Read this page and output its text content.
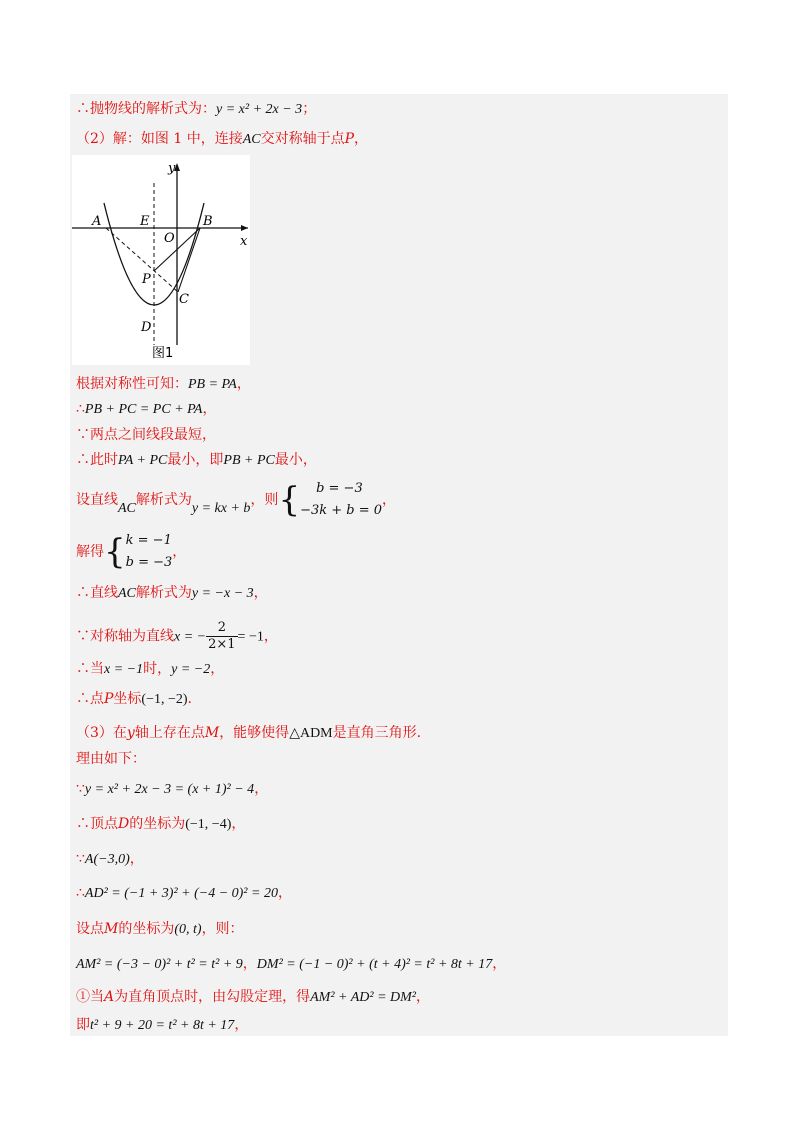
∴抛物线的解析式为：y = x² + 2x − 3；
（2）解：如图 1 中，连接AC交对称轴于点P，
y
x
A	E
O
B
P
C
D
图1
根据对称性可知：PB = PA，
∴PB + PC = PC + PA，
∵两点之间线段最短，
∴此时PA + PC最小，即PB + PC最小，
设直线AC解析式为y = kx + b，则{	b = −3
−3k + b = 0
，
解得{ k = −1
b = −3
，
∴直线AC解析式为y = −x − 3，
∵对称轴为直线x = − $\frac{2}{2\times 1} = -1$，
∴当x = −1时，y = −2，
∴点P坐标(−1, −2).
（3）在y轴上存在点M，能够使得△ADM是直角三角形.
理由如下：
∵y = x² + 2x − 3 = (x + 1)² − 4，
∴顶点D的坐标为(−1, −4)，
∵A(−3,0)，
∴AD² = (−1 + 3)² + (−4 − 0)² = 20，
设点M的坐标为(0, t)，则：
AM² = (−3 − 0)² + t² = t² + 9，DM² = (−1 − 0)² + (t + 4)² = t² + 8t + 17，
①当A为直角顶点时，由勾股定理，得AM² + AD² = DM²，
即t² + 9 + 20 = t² + 8t + 17，
